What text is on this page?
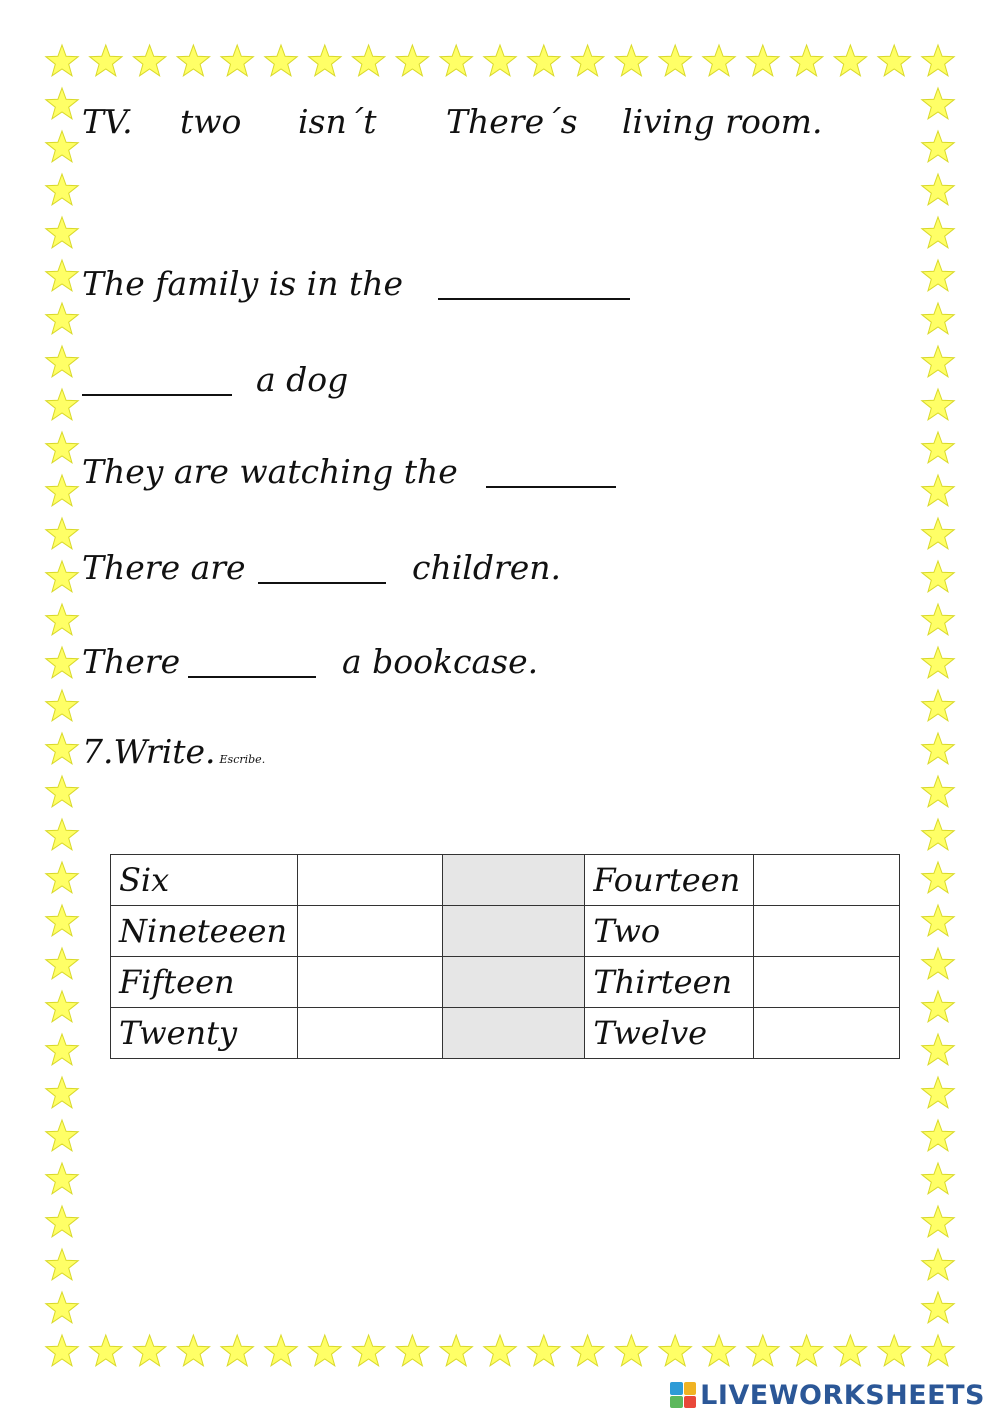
TV. two isn´t There´s living room.
The family is in the
a dog
They are watching the
There are	children.
There	a bookcase.
7.Write. Escribe.
Six			Fourteen	
Nineteeen			Two	
Fifteen			Thirteen	
Twenty			Twelve	
LIVEWORKSHEETS
